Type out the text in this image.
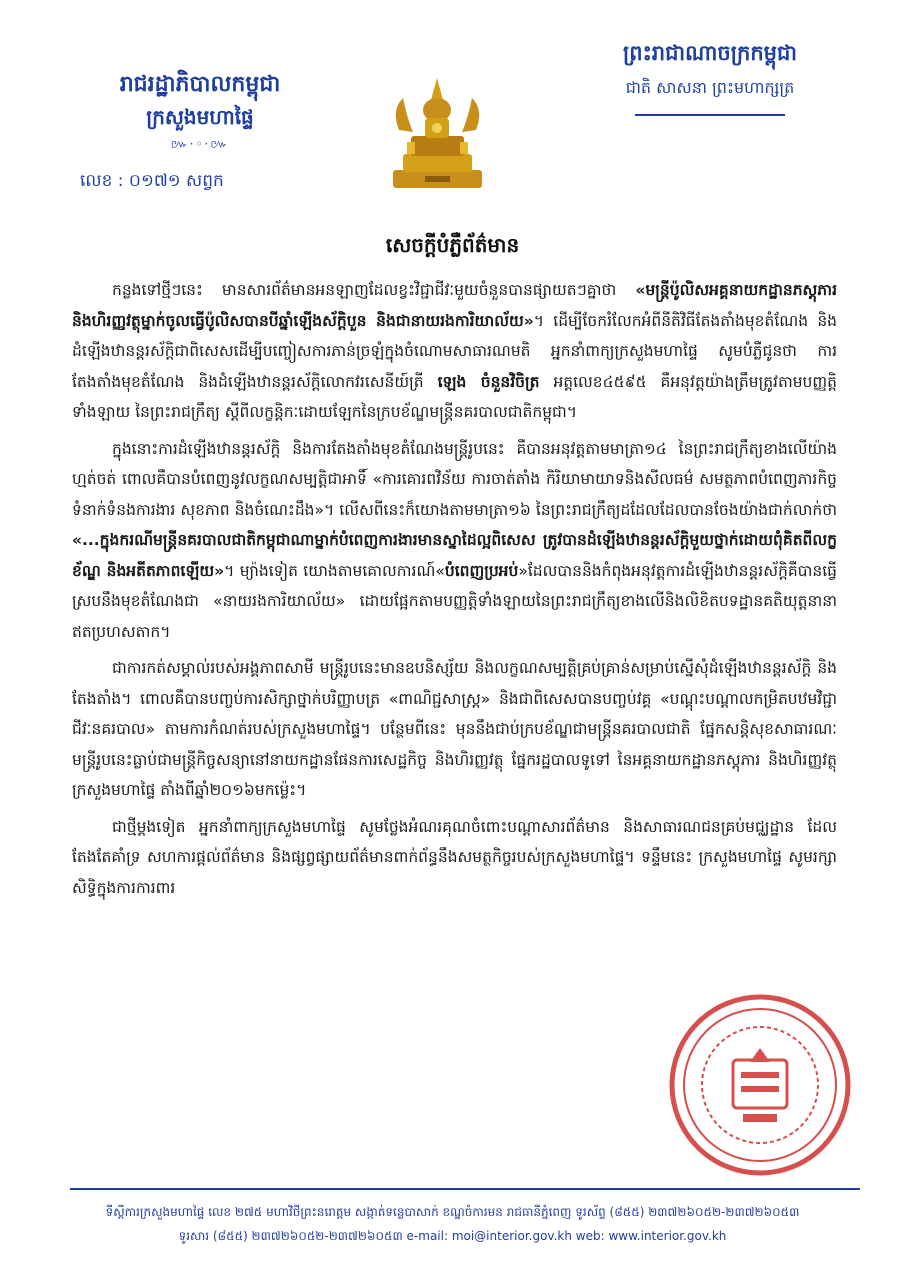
រាជរដ្ឋាភិបាលកម្ពុជា
ក្រសួងមហាផ្ទៃ
៚·◦·៚
លេខ : ០១៧១ សព្វក
ព្រះរាជាណាចក្រកម្ពុជា
ជាតិ សាសនា ព្រះមហាក្សត្រ
សេចក្តីបំភ្លឺព័ត៌មាន

កន្លងទៅថ្មីៗនេះ មានសារព័ត៌មានអនឡាញដែលខ្វះវិជ្ជាជីវៈមួយចំនួនបានផ្សាយតៗគ្នាថា «មន្រ្តីប៉ូលិសអគ្គនាយកដ្ឋានភស្តុភារ និងហិរញ្ញវត្ថុម្នាក់ចូលធ្វើប៉ូលិសបានបីឆ្នាំឡើងស័ក្តិបួន និងជានាយរងការិយាល័យ»។ ដើម្បីចែករំលែកអំពីនីតិវិធីតែងតាំងមុខតំណែង និងដំឡើងឋានន្តរស័ក្តិជាពិសេសដើម្បីបញ្ចៀសការភាន់ច្រឡំក្នុងចំណោមសាធារណមតិ អ្នកនាំពាក្យក្រសួងមហាផ្ទៃ សូមបំភ្លឺជូនថា ការតែងតាំងមុខតំណែង និងដំឡើងឋានន្តរស័ក្តិលោកវរសេនីយ៍ត្រី ឡេង ចំនួនវិចិត្រ អត្តលេខ៤៥៩៥ គឺអនុវត្តយ៉ាងត្រឹមត្រូវតាមបញ្ញត្តិទាំងឡាយ នៃព្រះរាជក្រឹត្យ ស្តីពីលក្ខន្តិកៈដោយឡែកនៃក្របខ័ណ្ឌមន្ត្រីនគរបាលជាតិកម្ពុជា។

ក្នុងនោះការដំឡើងឋានន្តរស័ក្តិ និងការតែងតាំងមុខតំណែងមន្ត្រីរូបនេះ គឺបានអនុវត្តតាមមាត្រា១៤ នៃព្រះរាជក្រឹត្យខាងលើយ៉ាងហ្មត់ចត់ ពោលគឺបានបំពេញនូវលក្ខណសម្បត្តិជាអាទិ៍ «ការគោរពវិន័យ ការចាត់តាំង កិរិយាមាយាទនិងសីលធម៌ សមត្ថភាពបំពេញភារកិច្ច ទំនាក់ទំនងការងារ សុខភាព និងចំណេះដឹង»។ លើសពីនេះក៏យោងតាមមាត្រា១៦ នៃព្រះរាជក្រឹត្យដដែលដែលបានចែងយ៉ាងជាក់លាក់ថា «...ក្នុងករណីមន្រ្តីនគរបាលជាតិកម្ពុជាណាម្នាក់បំពេញការងារមានស្នាដៃល្អពិសេស ត្រូវបានដំឡើងឋានន្តរស័ក្តិមួយថ្នាក់ដោយពុំគិតពីលក្ខខ័ណ្ឌ និងអតីតភាពឡើយ»។ ម្យ៉ាងទៀត យោងតាមគោលការណ៍«បំពេញប្រអប់»ដែលបាននិងកំពុងអនុវត្តការដំឡើងឋានន្តរស័ក្តិគឺបានធ្វើស្របនឹងមុខតំណែងជា «នាយរងការិយាល័យ» ដោយផ្អែកតាមបញ្ញត្តិទាំងឡាយនៃព្រះរាជក្រឹត្យខាងលើនិងលិខិតបទដ្ឋានគតិយុត្តនានាឥតប្រហសតាក។

ជាការកត់សម្គាល់របស់អង្គភាពសាមី មន្ត្រីរូបនេះមានឧបនិស្ស័យ និងលក្ខណសម្បត្តិគ្រប់គ្រាន់សម្រាប់ស្នើសុំដំឡើងឋានន្តរស័ក្តិ និងតែងតាំង។ ពោលគឺបានបញ្ចប់ការសិក្សាថ្នាក់បរិញ្ញាបត្រ «ពាណិជ្ជសាស្ត្រ» និងជាពិសេសបានបញ្ចប់វគ្គ «បណ្តុះបណ្តាលកម្រិតបឋមវិជ្ជាជីវៈនគរបាល» តាមការកំណត់របស់ក្រសួងមហាផ្ទៃ។ បន្ថែមពីនេះ មុននឹងជាប់ក្របខ័ណ្ឌជាមន្រ្តីនគរបាលជាតិ ផ្នែកសន្តិសុខសាធារណៈ មន្រ្តីរូបនេះធ្លាប់ជាមន្រ្តីកិច្ចសន្យានៅនាយកដ្ឋានផែនការសេដ្ឋកិច្ច និងហិរញ្ញវត្ថុ ផ្នែករដ្ឋបាលទូទៅ នៃអគ្គនាយកដ្ឋានភស្តុភារ និងហិរញ្ញវត្ថុ ក្រសួងមហាផ្ទៃ តាំងពីឆ្នាំ២០១៦មកម្ល៉េះ។

ជាថ្មីម្តងទៀត អ្នកនាំពាក្យក្រសួងមហាផ្ទៃ សូមថ្លែងអំណរគុណចំពោះបណ្តាសារព័ត៌មាន និងសាធារណជនគ្រប់មជ្ឈដ្ឋាន ដែលតែងតែគាំទ្រ សហការផ្តល់ព័ត៌មាន និងផ្សព្វផ្សាយព័ត៌មានពាក់ព័ន្ធនឹងសមត្ថកិច្ចរបស់ក្រសួងមហាផ្ទៃ។ ទន្ទឹមនេះ ក្រសួងមហាផ្ទៃ សូមរក្សាសិទ្ធិក្នុងការការពារ

ទីស្តីការក្រសួងមហាផ្ទៃ លេខ ២៧៥ មហាវិថីព្រះនរោត្តម សង្កាត់ទន្លេបាសាក់ ខណ្ឌចំការមន រាជធានីភ្នំពេញ ទូរស័ព្ទ (៨៥៥) ២៣៧២៦០៥២-២៣៧២៦០៥៣
ទូរសារ (៨៥៥) ២៣៧២៦០៥២-២៣៧២៦០៥៣ e-mail: moi@interior.gov.kh web: www.interior.gov.kh
